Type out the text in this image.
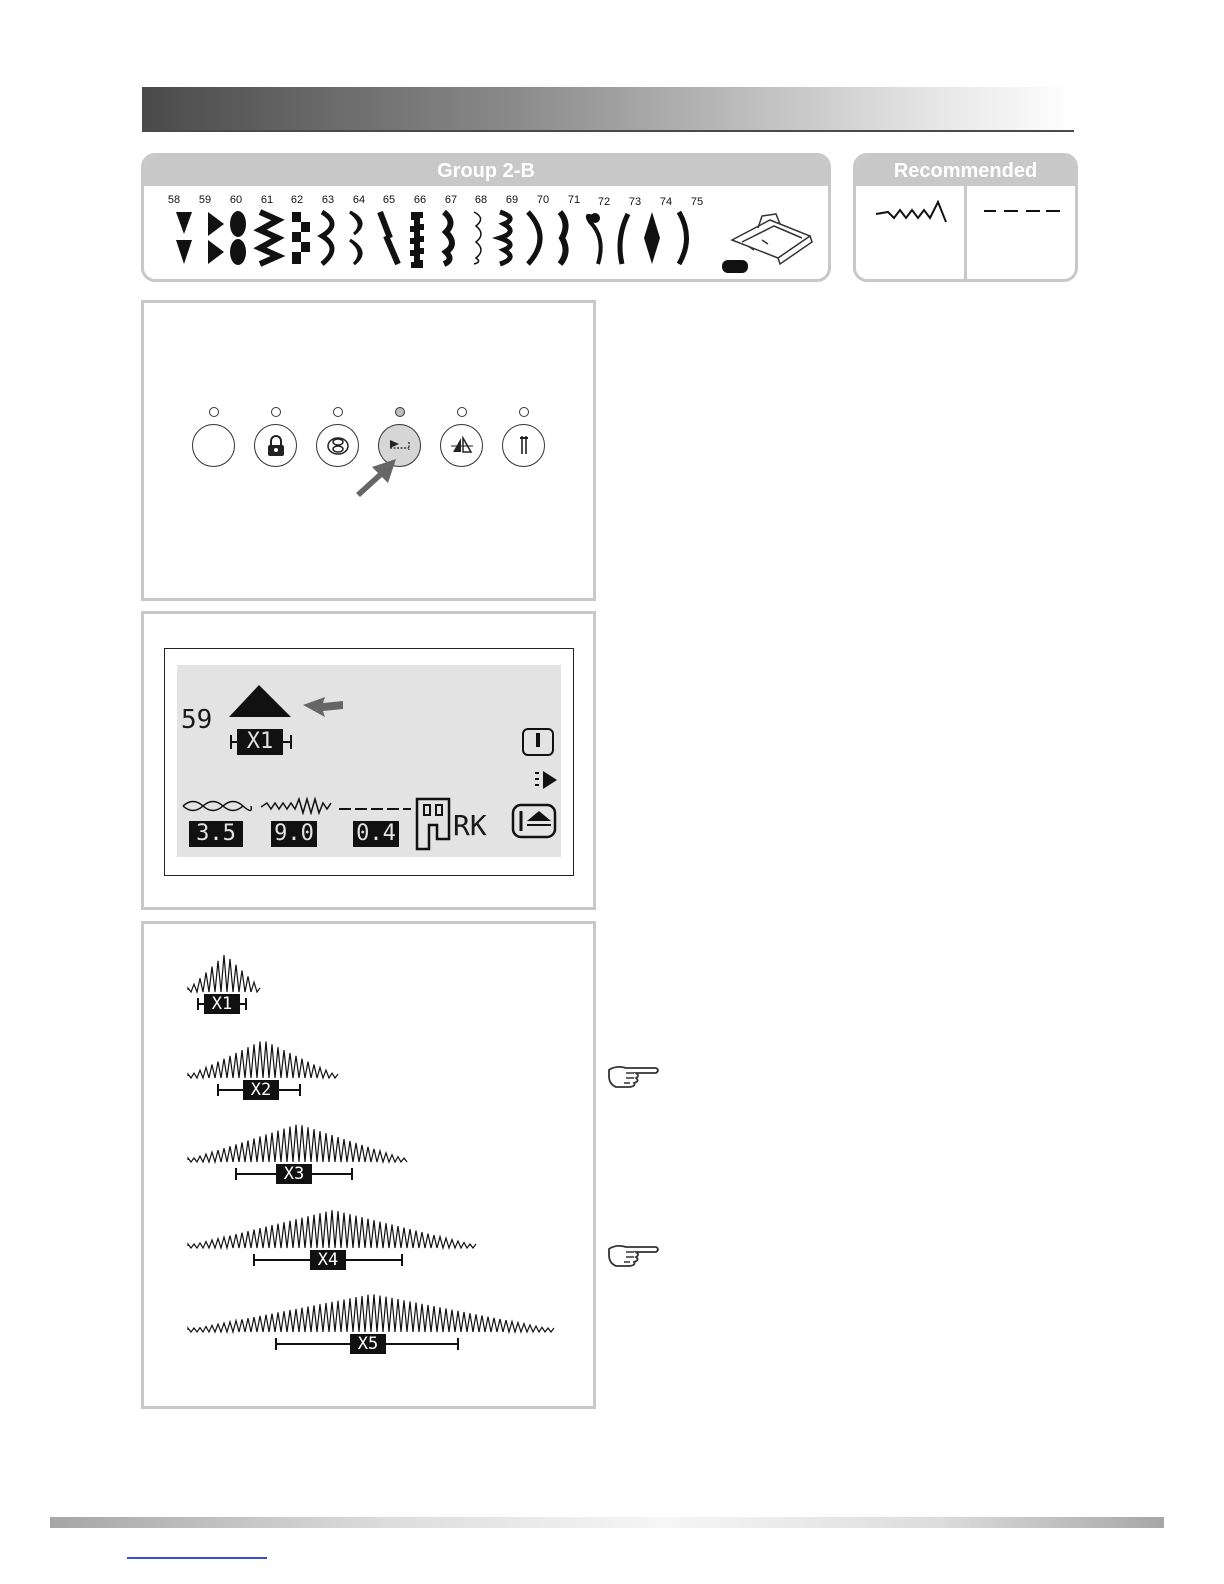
Group 2-B
58	59	60	61	62	63	64	65	66	67	68	69	70	71	72	73	74	75
Recommended
59
X1
3.5	9.0 0.4 RK
X1
X2
X3
X4
X5
